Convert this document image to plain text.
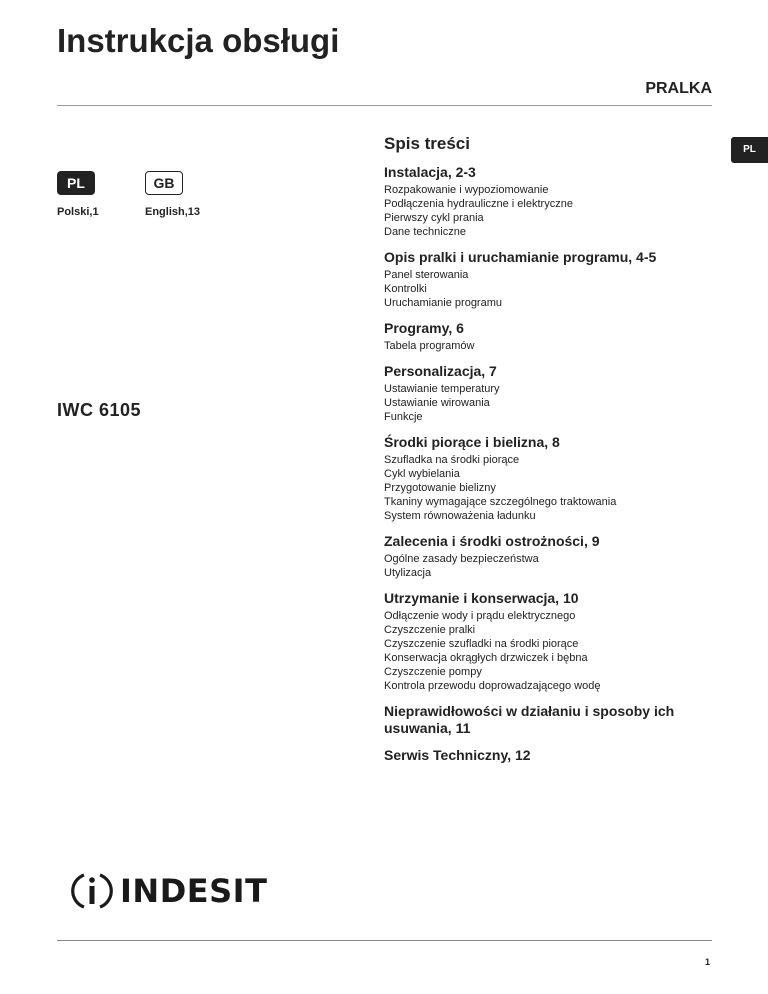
Instrukcja obsługi
PRALKA
PL	GB
Polski,1	English,13
PL
IWC 6105
Spis treści
Instalacja, 2-3
Rozpakowanie i wypoziomowanie
Podłączenia hydrauliczne i elektryczne
Pierwszy cykl prania
Dane techniczne
Opis pralki i uruchamianie programu, 4-5
Panel sterowania
Kontrolki
Uruchamianie programu
Programy, 6
Tabela programów
Personalizacja, 7
Ustawianie temperatury
Ustawianie wirowania
Funkcje
Środki piorące i bielizna, 8
Szufladka na środki piorące
Cykl wybielania
Przygotowanie bielizny
Tkaniny wymagające szczególnego traktowania
System równoważenia ładunku
Zalecenia i środki ostrożności, 9
Ogólne zasady bezpieczeństwa
Utylizacja
Utrzymanie i konserwacja, 10
Odłączenie wody i prądu elektrycznego
Czyszczenie pralki
Czyszczenie szufladki na środki piorące
Konserwacja okrągłych drzwiczek i bębna
Czyszczenie pompy
Kontrola przewodu doprowadzającego wodę
Nieprawidłowości w działaniu i sposoby ich usuwania, 11
Serwis Techniczny, 12
INDESIT
1
